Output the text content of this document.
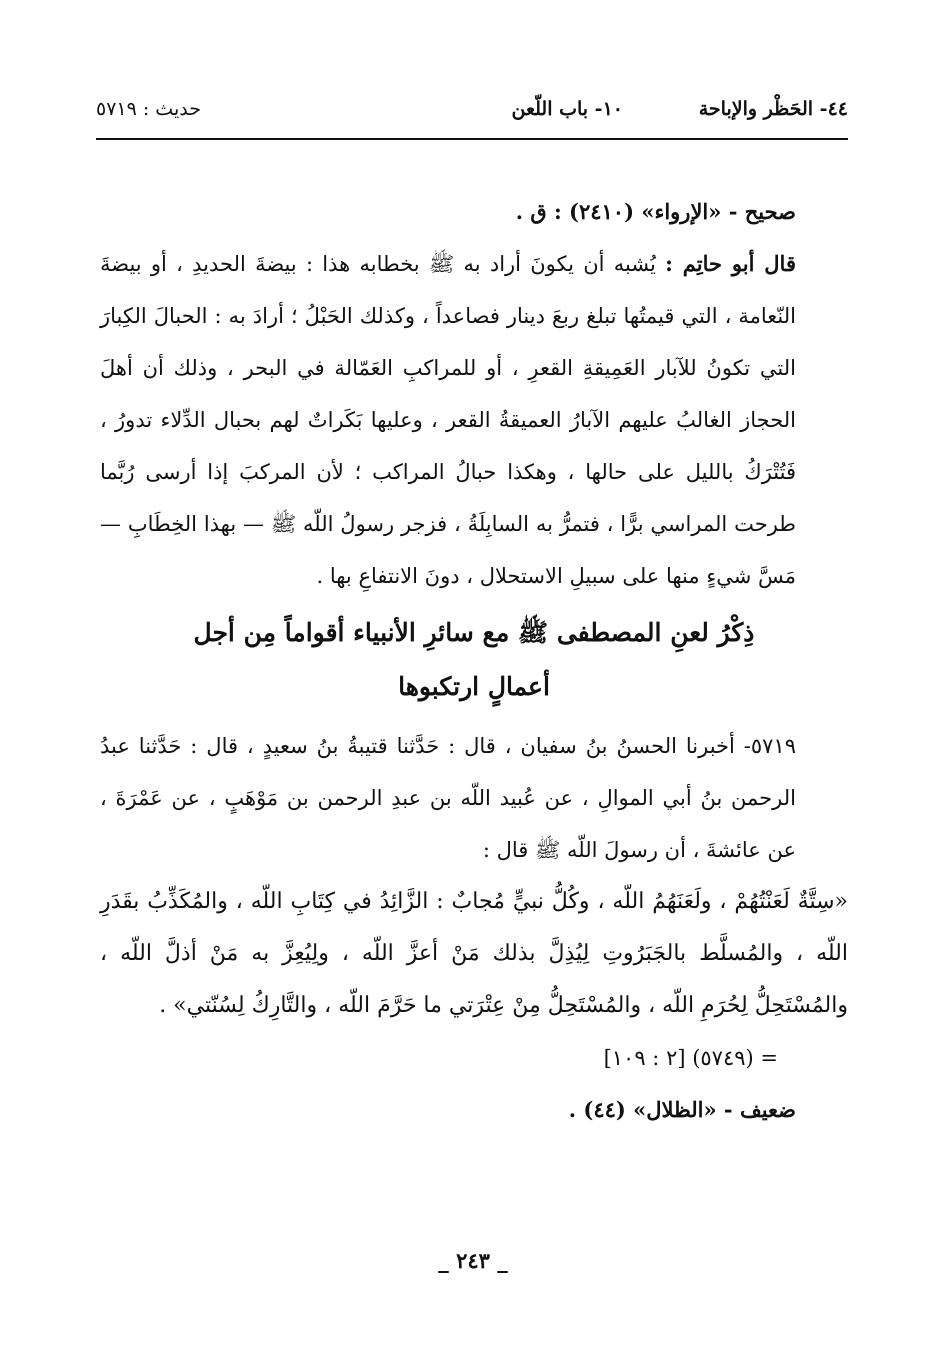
٤٤- الحَظْر والإباحة
١٠- باب اللّعن
حديث : ٥٧١٩

صحيح - «الإرواء» (٢٤١٠) : ق .

قال أبو حاتِم : يُشبه أن يكونَ أراد به ﷺ بخطابه هذا : بيضةَ الحديدِ ، أو بيضةَ النّعامة ، التي قيمتُها تبلغ ربعَ دينار فصاعداً ، وكذلك الحَبْلُ ؛ أرادَ به : الحبالَ الكِبارَ التي تكونُ للآبار العَمِيقةِ القعرِ ، أو للمراكبِ العَمّالة في البحر ، وذلك أن أهلَ الحجاز الغالبُ عليهم الآبارُ العميقةُ القعر ، وعليها بَكَراتٌ لهم بحبال الدِّلاء تدورُ ، فَتُتْرَكُ بالليل على حالها ، وهكذا حبالُ المراكب ؛ لأن المركبَ إذا أرسى رُبَّما طرحت المراسي برًّا ، فتمرُّ به السابِلَةُ ، فزجر رسولُ اللّه ﷺ — بهذا الخِطَابِ — مَسَّ شيءٍ منها على سبيلِ الاستحلال ، دونَ الانتفاعِ بها .

ذِكْرُ لعنِ المصطفى ﷺ مع سائرِ الأنبياء أقواماً مِن أجل
أعمالٍ ارتكبوها

٥٧١٩- أخبرنا الحسنُ بنُ سفيان ، قال : حَدَّثنا قتيبةُ بنُ سعيدٍ ، قال : حَدَّثنا عبدُ الرحمن بنُ أبي الموالِ ، عن عُبيد اللّه بن عبدِ الرحمن بن مَوْهَبٍ ، عن عَمْرَةَ ، عن عائشةَ ، أن رسولَ اللّه ﷺ قال :

«سِتَّةٌ لَعَنْتُهُمْ ، ولَعَنَهُمُ اللّه ، وكُلُّ نبيٍّ مُجابٌ : الزَّائِدُ في كِتَابِ اللّه ، والمُكَذِّبُ بقَدَرِ اللّه ، والمُسلَّط بالجَبَرُوتِ لِيُذِلَّ بذلك مَنْ أعزَّ اللّه ، ولِيُعِزَّ به مَنْ أذلَّ اللّه ، والمُسْتَحِلُّ لِحُرَمِ اللّه ، والمُسْتَحِلُّ مِنْ عِتْرَتي ما حَرَّمَ اللّه ، والتَّارِكُ لِسُنّتي» .

= (٥٧٤٩) [٢ : ١٠٩]

ضعيف - «الظلال» (٤٤) .

_ ٢٤٣ _
